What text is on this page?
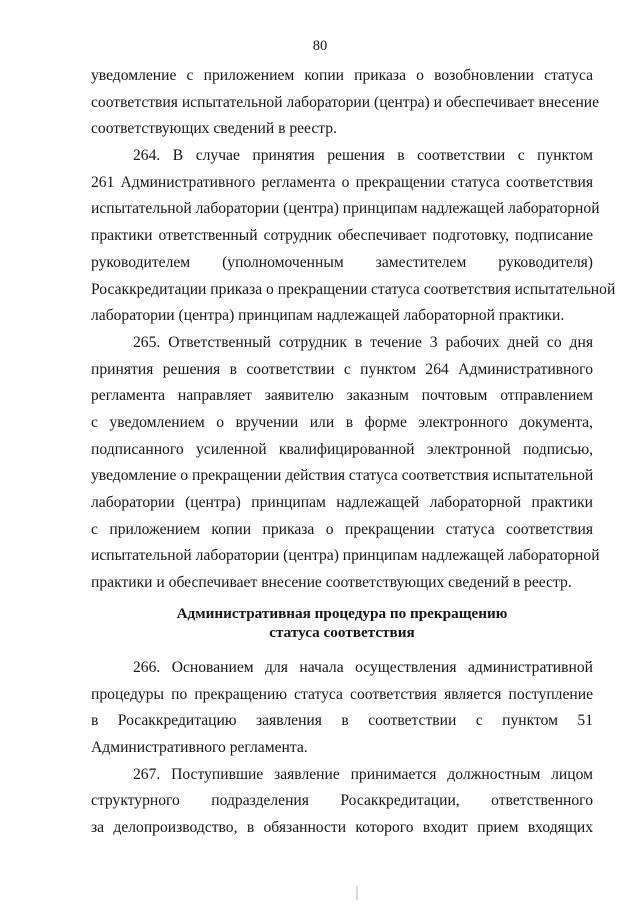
80
уведомление с приложением копии приказа о возобновлении статуса
соответствия испытательной лаборатории (центра) и обеспечивает внесение
соответствующих сведений в реестр.
264. В случае принятия решения в соответствии с пунктом
261 Административного регламента о прекращении статуса соответствия
испытательной лаборатории (центра) принципам надлежащей лабораторной
практики ответственный сотрудник обеспечивает подготовку, подписание
руководителем (уполномоченным заместителем руководителя)
Росаккредитации приказа о прекращении статуса соответствия испытательной
лаборатории (центра) принципам надлежащей лабораторной практики.
265. Ответственный сотрудник в течение 3 рабочих дней со дня
принятия решения в соответствии с пунктом 264 Административного
регламента направляет заявителю заказным почтовым отправлением
с уведомлением о вручении или в форме электронного документа,
подписанного усиленной квалифицированной электронной подписью,
уведомление о прекращении действия статуса соответствия испытательной
лаборатории (центра) принципам надлежащей лабораторной практики
с приложением копии приказа о прекращении статуса соответствия
испытательной лаборатории (центра) принципам надлежащей лабораторной
практики и обеспечивает внесение соответствующих сведений в реестр.
Административная процедура по прекращению
статуса соответствия
266. Основанием для начала осуществления административной
процедуры по прекращению статуса соответствия является поступление
в Росаккредитацию заявления в соответствии с пунктом 51
Административного регламента.
267. Поступившие заявление принимается должностным лицом
структурного подразделения Росаккредитации, ответственного
за делопроизводство, в обязанности которого входит прием входящих
